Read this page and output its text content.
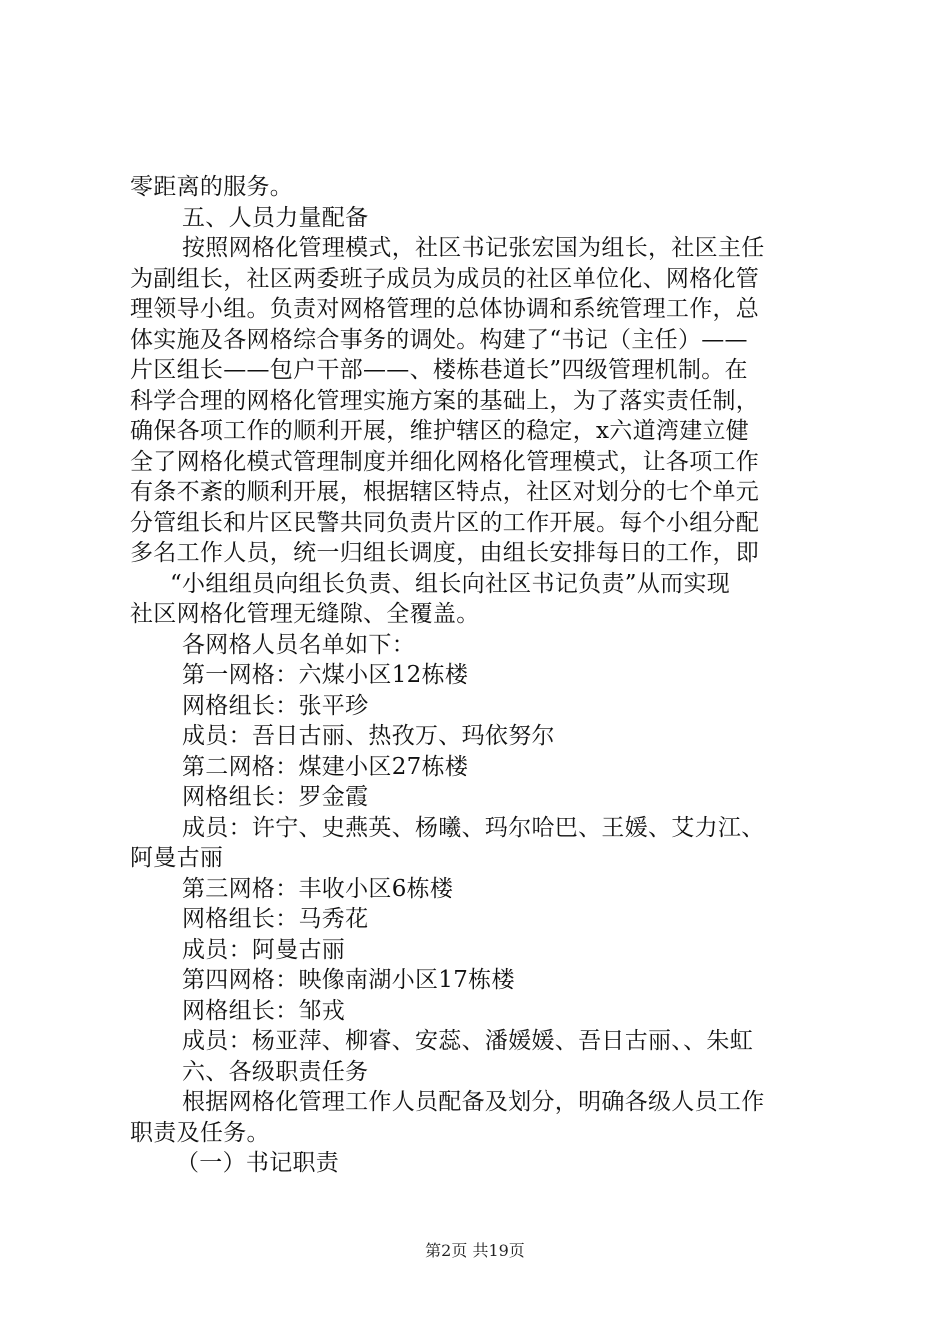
零距离的服务。
五、人员力量配备
按照网格化管理模式，社区书记张宏国为组长，社区主任
为副组长，社区两委班子成员为成员的社区单位化、网格化管
理领导小组。负责对网格管理的总体协调和系统管理工作，总
体实施及各网格综合事务的调处。构建了“书记（主任）——
片区组长——包户干部——、楼栋巷道长”四级管理机制。在
科学合理的网格化管理实施方案的基础上，为了落实责任制，
确保各项工作的顺利开展，维护辖区的稳定，x六道湾建立健
全了网格化模式管理制度并细化网格化管理模式，让各项工作
有条不紊的顺利开展，根据辖区特点，社区对划分的七个单元
分管组长和片区民警共同负责片区的工作开展。每个小组分配
多名工作人员，统一归组长调度，由组长安排每日的工作，即
“小组组员向组长负责、组长向社区书记负责”从而实现
社区网格化管理无缝隙、全覆盖。
各网格人员名单如下：
第一网格：六煤小区12栋楼
网格组长：张平珍
成员：吾日古丽、热孜万、玛依努尔
第二网格：煤建小区27栋楼
网格组长：罗金霞
成员：许宁、史燕英、杨曦、玛尔哈巴、王媛、艾力江、
阿曼古丽
第三网格：丰收小区6栋楼
网格组长：马秀花
成员：阿曼古丽
第四网格：映像南湖小区17栋楼
网格组长：邹戎
成员：杨亚萍、柳睿、安蕊、潘媛媛、吾日古丽、、朱虹
六、各级职责任务
根据网格化管理工作人员配备及划分，明确各级人员工作
职责及任务。
（一）书记职责
第2页 共19页
